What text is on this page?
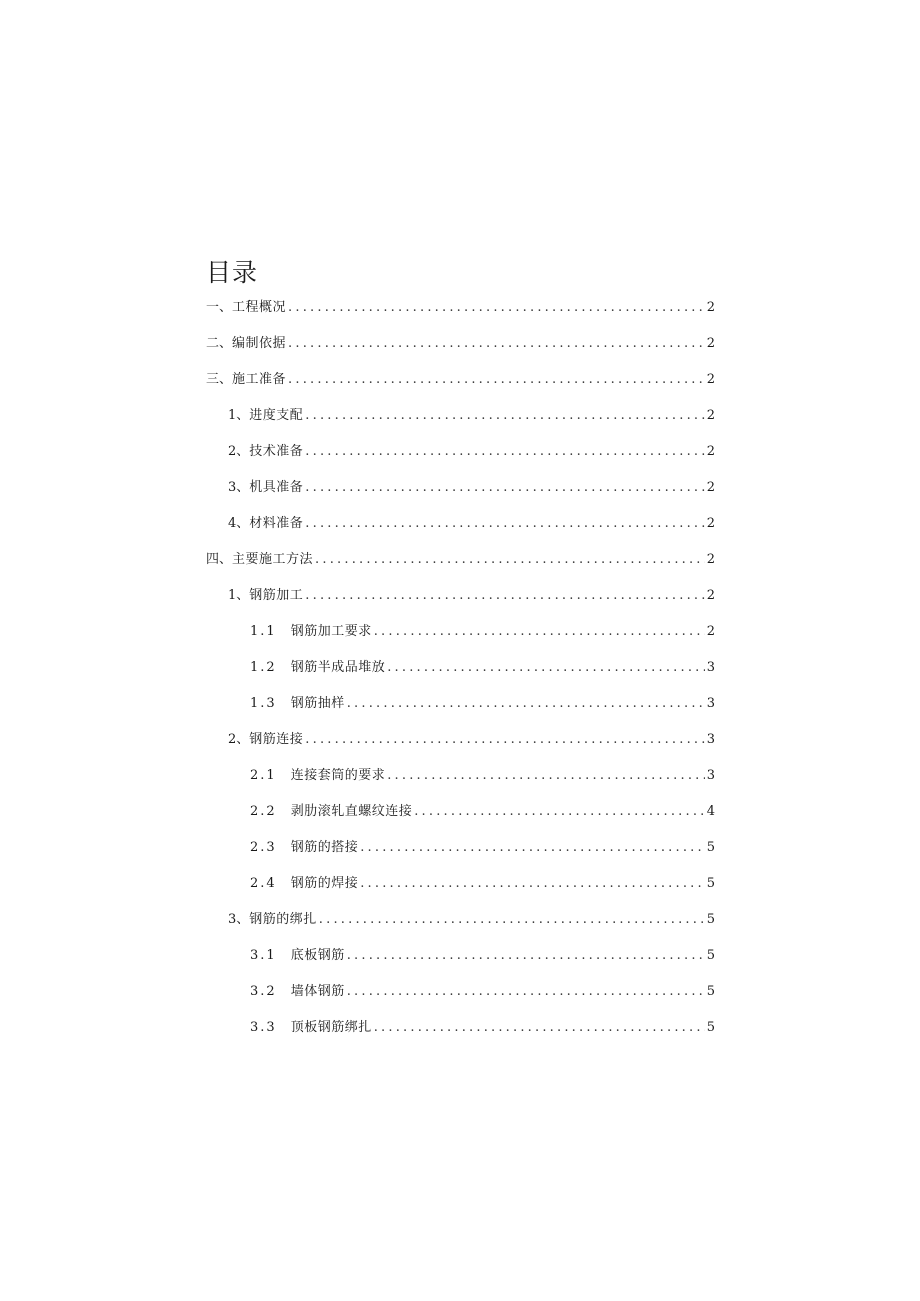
目录
一、 工程概况 .....	2
二、 编制依据 .....	2
三、 施工准备 .....	2
1、 进度支配 .....	2
2、 技术准备 .....	2
3、 机具准备 .....	2
4、 材料准备 .....	2
四、 主要施工方法 .....	2
1、 钢筋加工 .....	2
1.1 钢筋加工要求 .....	2
1.2 钢筋半成品堆放 .....	3
1.3 钢筋抽样 .....	3
2、 钢筋连接 .....	3
2.1 连接套筒的要求 .....	3
2.2 剥肋滚轧直螺纹连接 .....	4
2.3 钢筋的搭接 .....	5
2.4 钢筋的焊接 .....	5
3、 钢筋的绑扎 .....	5
3.1 底板钢筋 .....	5
3.2 墙体钢筋 .....	5
3.3 顶板钢筋绑扎 .....	5
